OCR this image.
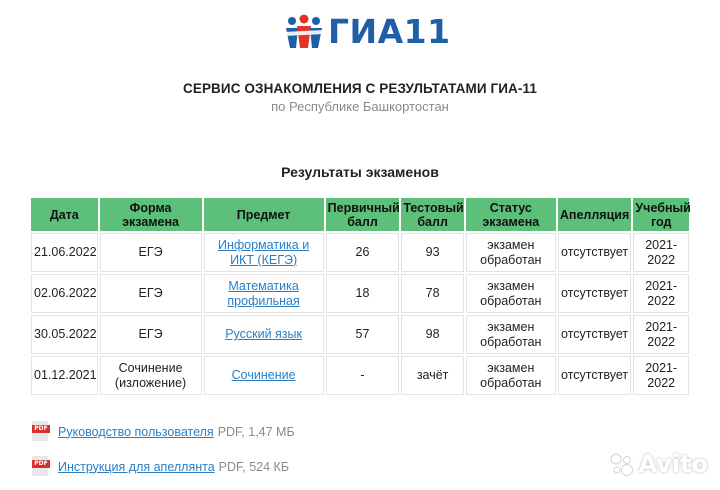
ГИА11
СЕРВИС ОЗНАКОМЛЕНИЯ С РЕЗУЛЬТАТАМИ ГИА-11
по Республике Башкортостан
Результаты экзаменов
Дата	Форма экзамена	Предмет	Первичный балл	Тестовый балл	Статус экзамена	Апелляция	Учебный год
21.06.2022	ЕГЭ	Информатика и ИКТ (КЕГЭ)	26	93	экзамен обработан	отсутствует	2021-2022
02.06.2022	ЕГЭ	Математика профильная	18	78	экзамен обработан	отсутствует	2021-2022
30.05.2022	ЕГЭ	Русский язык	57	98	экзамен обработан	отсутствует	2021-2022
01.12.2021	Сочинение (изложение)	Сочинение	-	зачёт	экзамен обработан	отсутствует	2021-2022
PDF Руководство пользователя PDF, 1,47 МБ
PDF Инструкция для апеллянта PDF, 524 КБ	Avito
